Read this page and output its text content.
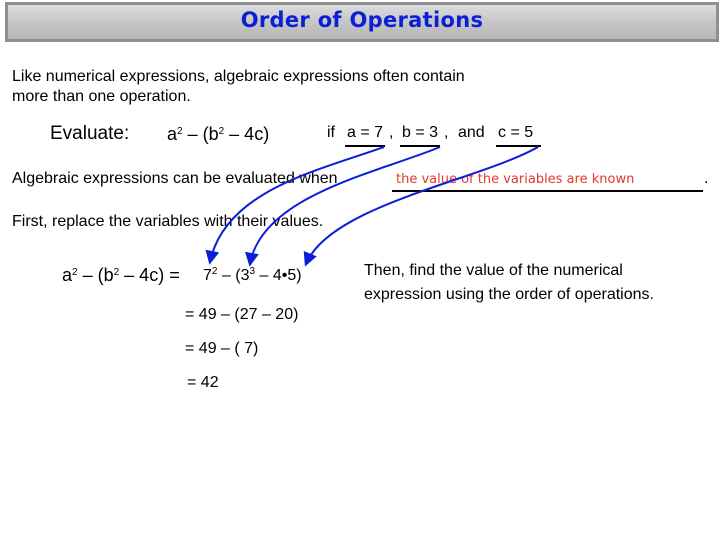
Order of Operations
Like numerical expressions, algebraic expressions often contain
more than one operation.
Evaluate: $a^2 - (b^2 - 4c)$	if a = 7 , b = 3 , and c = 5
Algebraic expressions can be evaluated when	the value of the variables are known	.
First, replace the variables with their values.
$a^2 - (b^2 - 4c) = 7^2 - (3^3$ – 4•5)	Then, find the value of the numerical
expression using the order of operations.
= 49 – (27 – 20)
= 49 – ( 7)
= 42
